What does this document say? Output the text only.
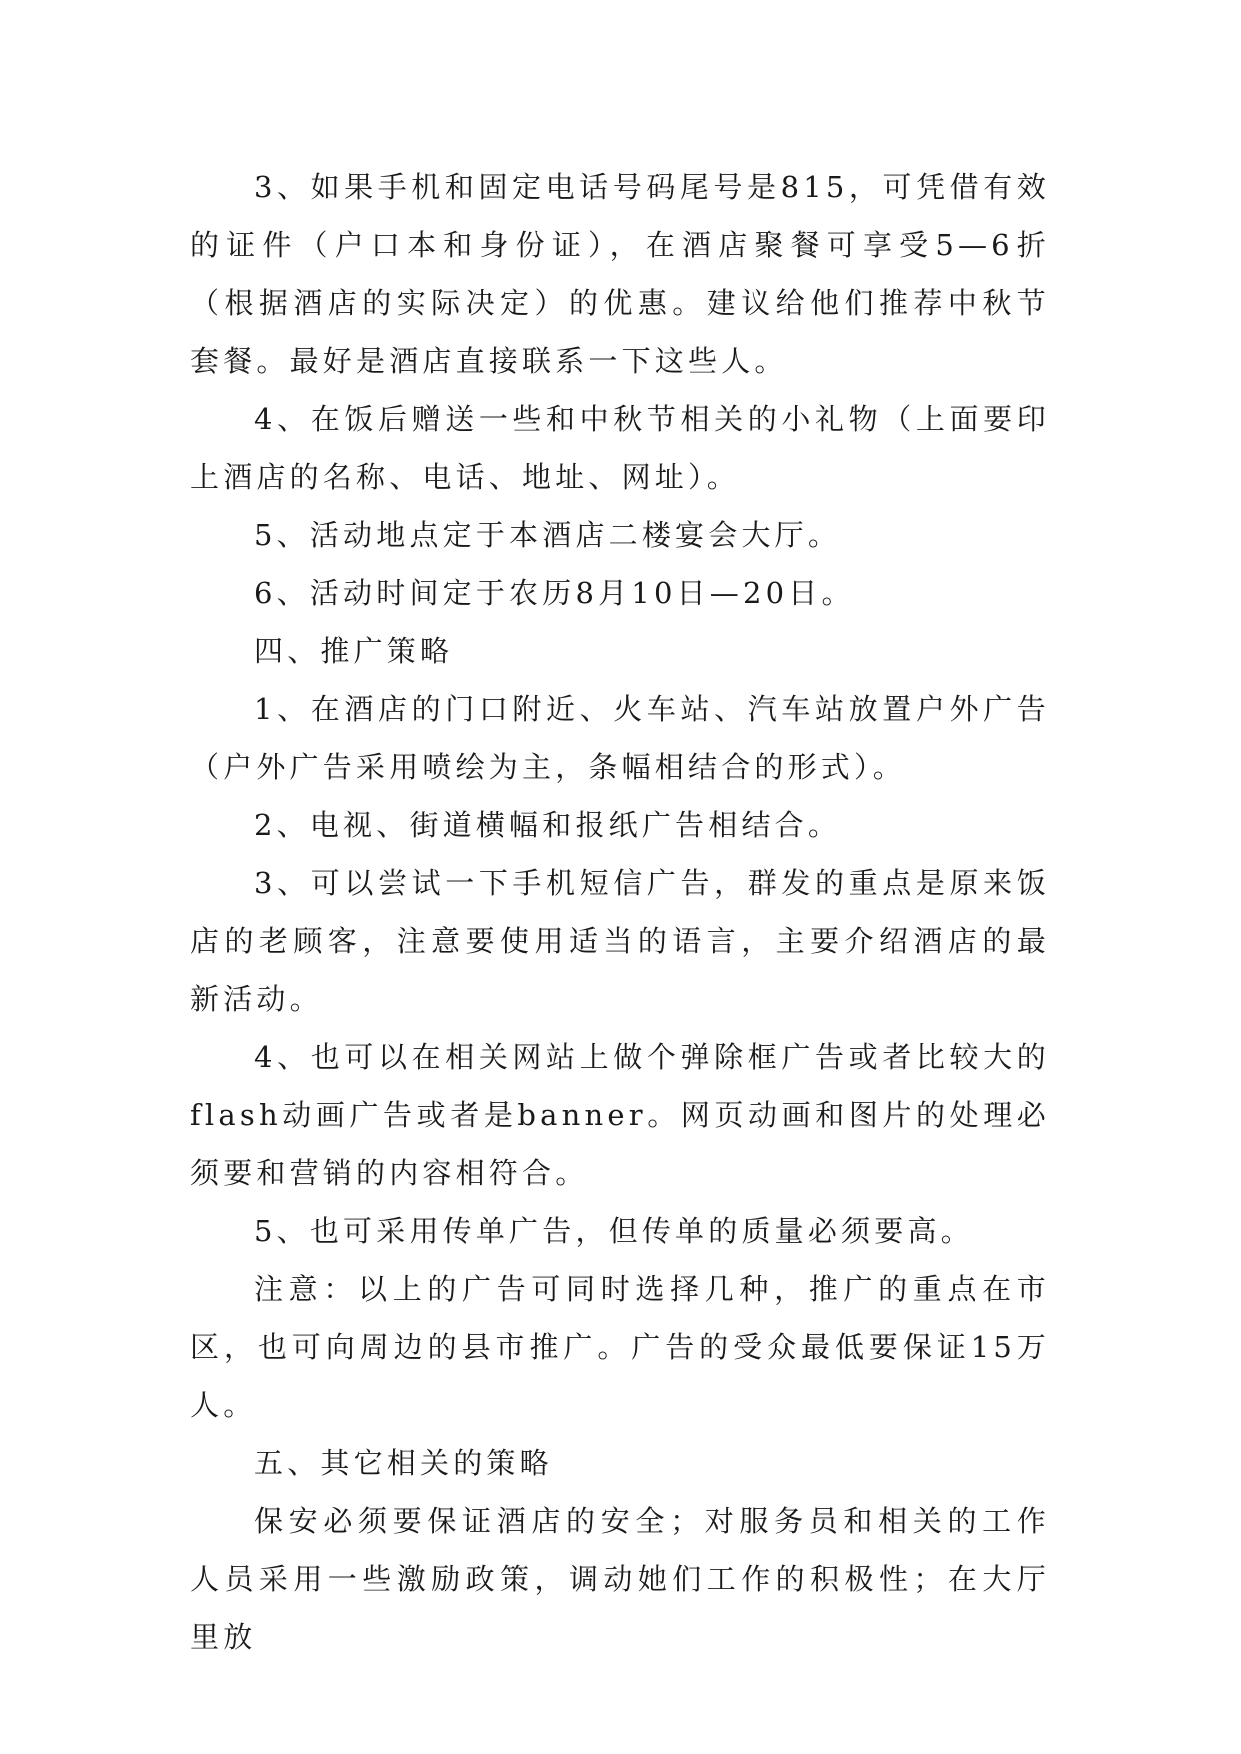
3、如果手机和固定电话号码尾号是815，可凭借有效的证件（户口本和身份证），在酒店聚餐可享受5—6折（根据酒店的实际决定）的优惠。建议给他们推荐中秋节套餐。最好是酒店直接联系一下这些人。

4、在饭后赠送一些和中秋节相关的小礼物（上面要印上酒店的名称、电话、地址、网址）。

5、活动地点定于本酒店二楼宴会大厅。

6、活动时间定于农历8月10日—20日。

四、推广策略

1、在酒店的门口附近、火车站、汽车站放置户外广告（户外广告采用喷绘为主，条幅相结合的形式）。

2、电视、街道横幅和报纸广告相结合。

3、可以尝试一下手机短信广告，群发的重点是原来饭店的老顾客，注意要使用适当的语言，主要介绍酒店的最新活动。

4、也可以在相关网站上做个弹除框广告或者比较大的flash动画广告或者是banner。网页动画和图片的处理必须要和营销的内容相符合。

5、也可采用传单广告，但传单的质量必须要高。

注意：以上的广告可同时选择几种，推广的重点在市区，也可向周边的县市推广。广告的受众最低要保证15万人。

五、其它相关的策略

保安必须要保证酒店的安全；对服务员和相关的工作人员采用一些激励政策，调动她们工作的积极性；在大厅里放
